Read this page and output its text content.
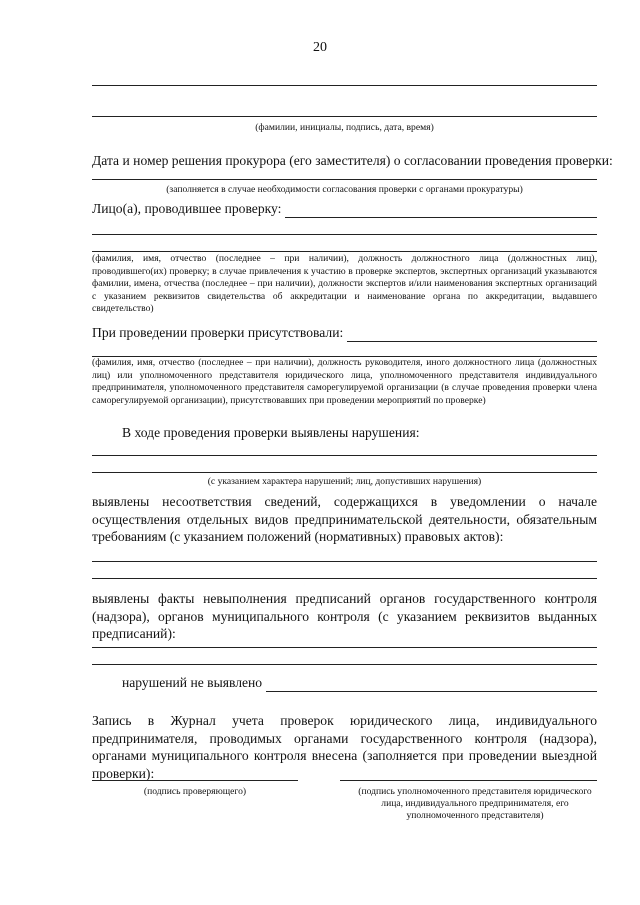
20
(фамилии, инициалы, подпись, дата, время)
Дата и номер решения прокурора (его заместителя) о согласовании проведения проверки:
(заполняется в случае необходимости согласования проверки с органами прокуратуры)
Лицо(а), проводившее проверку:
(фамилия, имя, отчество (последнее – при наличии), должность должностного лица (должностных лиц), проводившего(их) проверку; в случае привлечения к участию в проверке экспертов, экспертных организаций указываются фамилии, имена, отчества (последнее – при наличии), должности экспертов и/или наименования экспертных организаций с указанием реквизитов свидетельства об аккредитации и наименование органа по аккредитации, выдавшего свидетельство)
При проведении проверки присутствовали:
(фамилия, имя, отчество (последнее – при наличии), должность руководителя, иного должностного лица (должностных лиц) или уполномоченного представителя юридического лица, уполномоченного представителя индивидуального предпринимателя, уполномоченного представителя саморегулируемой организации (в случае проведения проверки члена саморегулируемой организации), присутствовавших при проведении мероприятий по проверке)
В ходе проведения проверки выявлены нарушения:
(с указанием характера нарушений; лиц, допустивших нарушения)
выявлены несоответствия сведений, содержащихся в уведомлении о начале осуществления отдельных видов предпринимательской деятельности, обязательным требованиям (с указанием положений (нормативных) правовых актов):
выявлены факты невыполнения предписаний органов государственного контроля (надзора), органов муниципального контроля (с указанием реквизитов выданных предписаний):
нарушений не выявлено
Запись в Журнал учета проверок юридического лица, индивидуального предпринимателя, проводимых органами государственного контроля (надзора), органами муниципального контроля внесена (заполняется при проведении выездной проверки):
(подпись проверяющего)	(подпись уполномоченного представителя юридического лица, индивидуального предпринимателя, его уполномоченного представителя)
